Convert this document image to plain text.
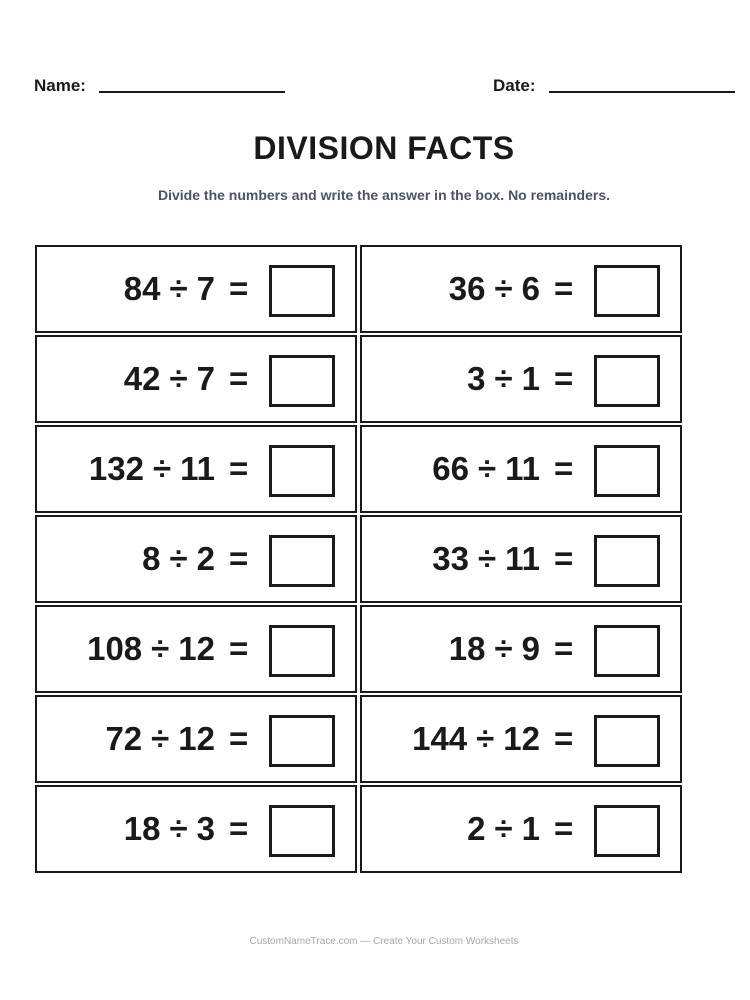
Name:	Date:
DIVISION FACTS
Divide the numbers and write the answer in the box. No remainders.
84 ÷ 7 =	36 ÷ 6 =
42 ÷ 7 =	3 ÷ 1 =
132 ÷ 11 =	66 ÷ 11 =
8 ÷ 2 =	33 ÷ 11 =
108 ÷ 12 =	18 ÷ 9 =
72 ÷ 12 =	144 ÷ 12 =
18 ÷ 3 =	2 ÷ 1 =
CustomNameTrace.com — Create Your Custom Worksheets
